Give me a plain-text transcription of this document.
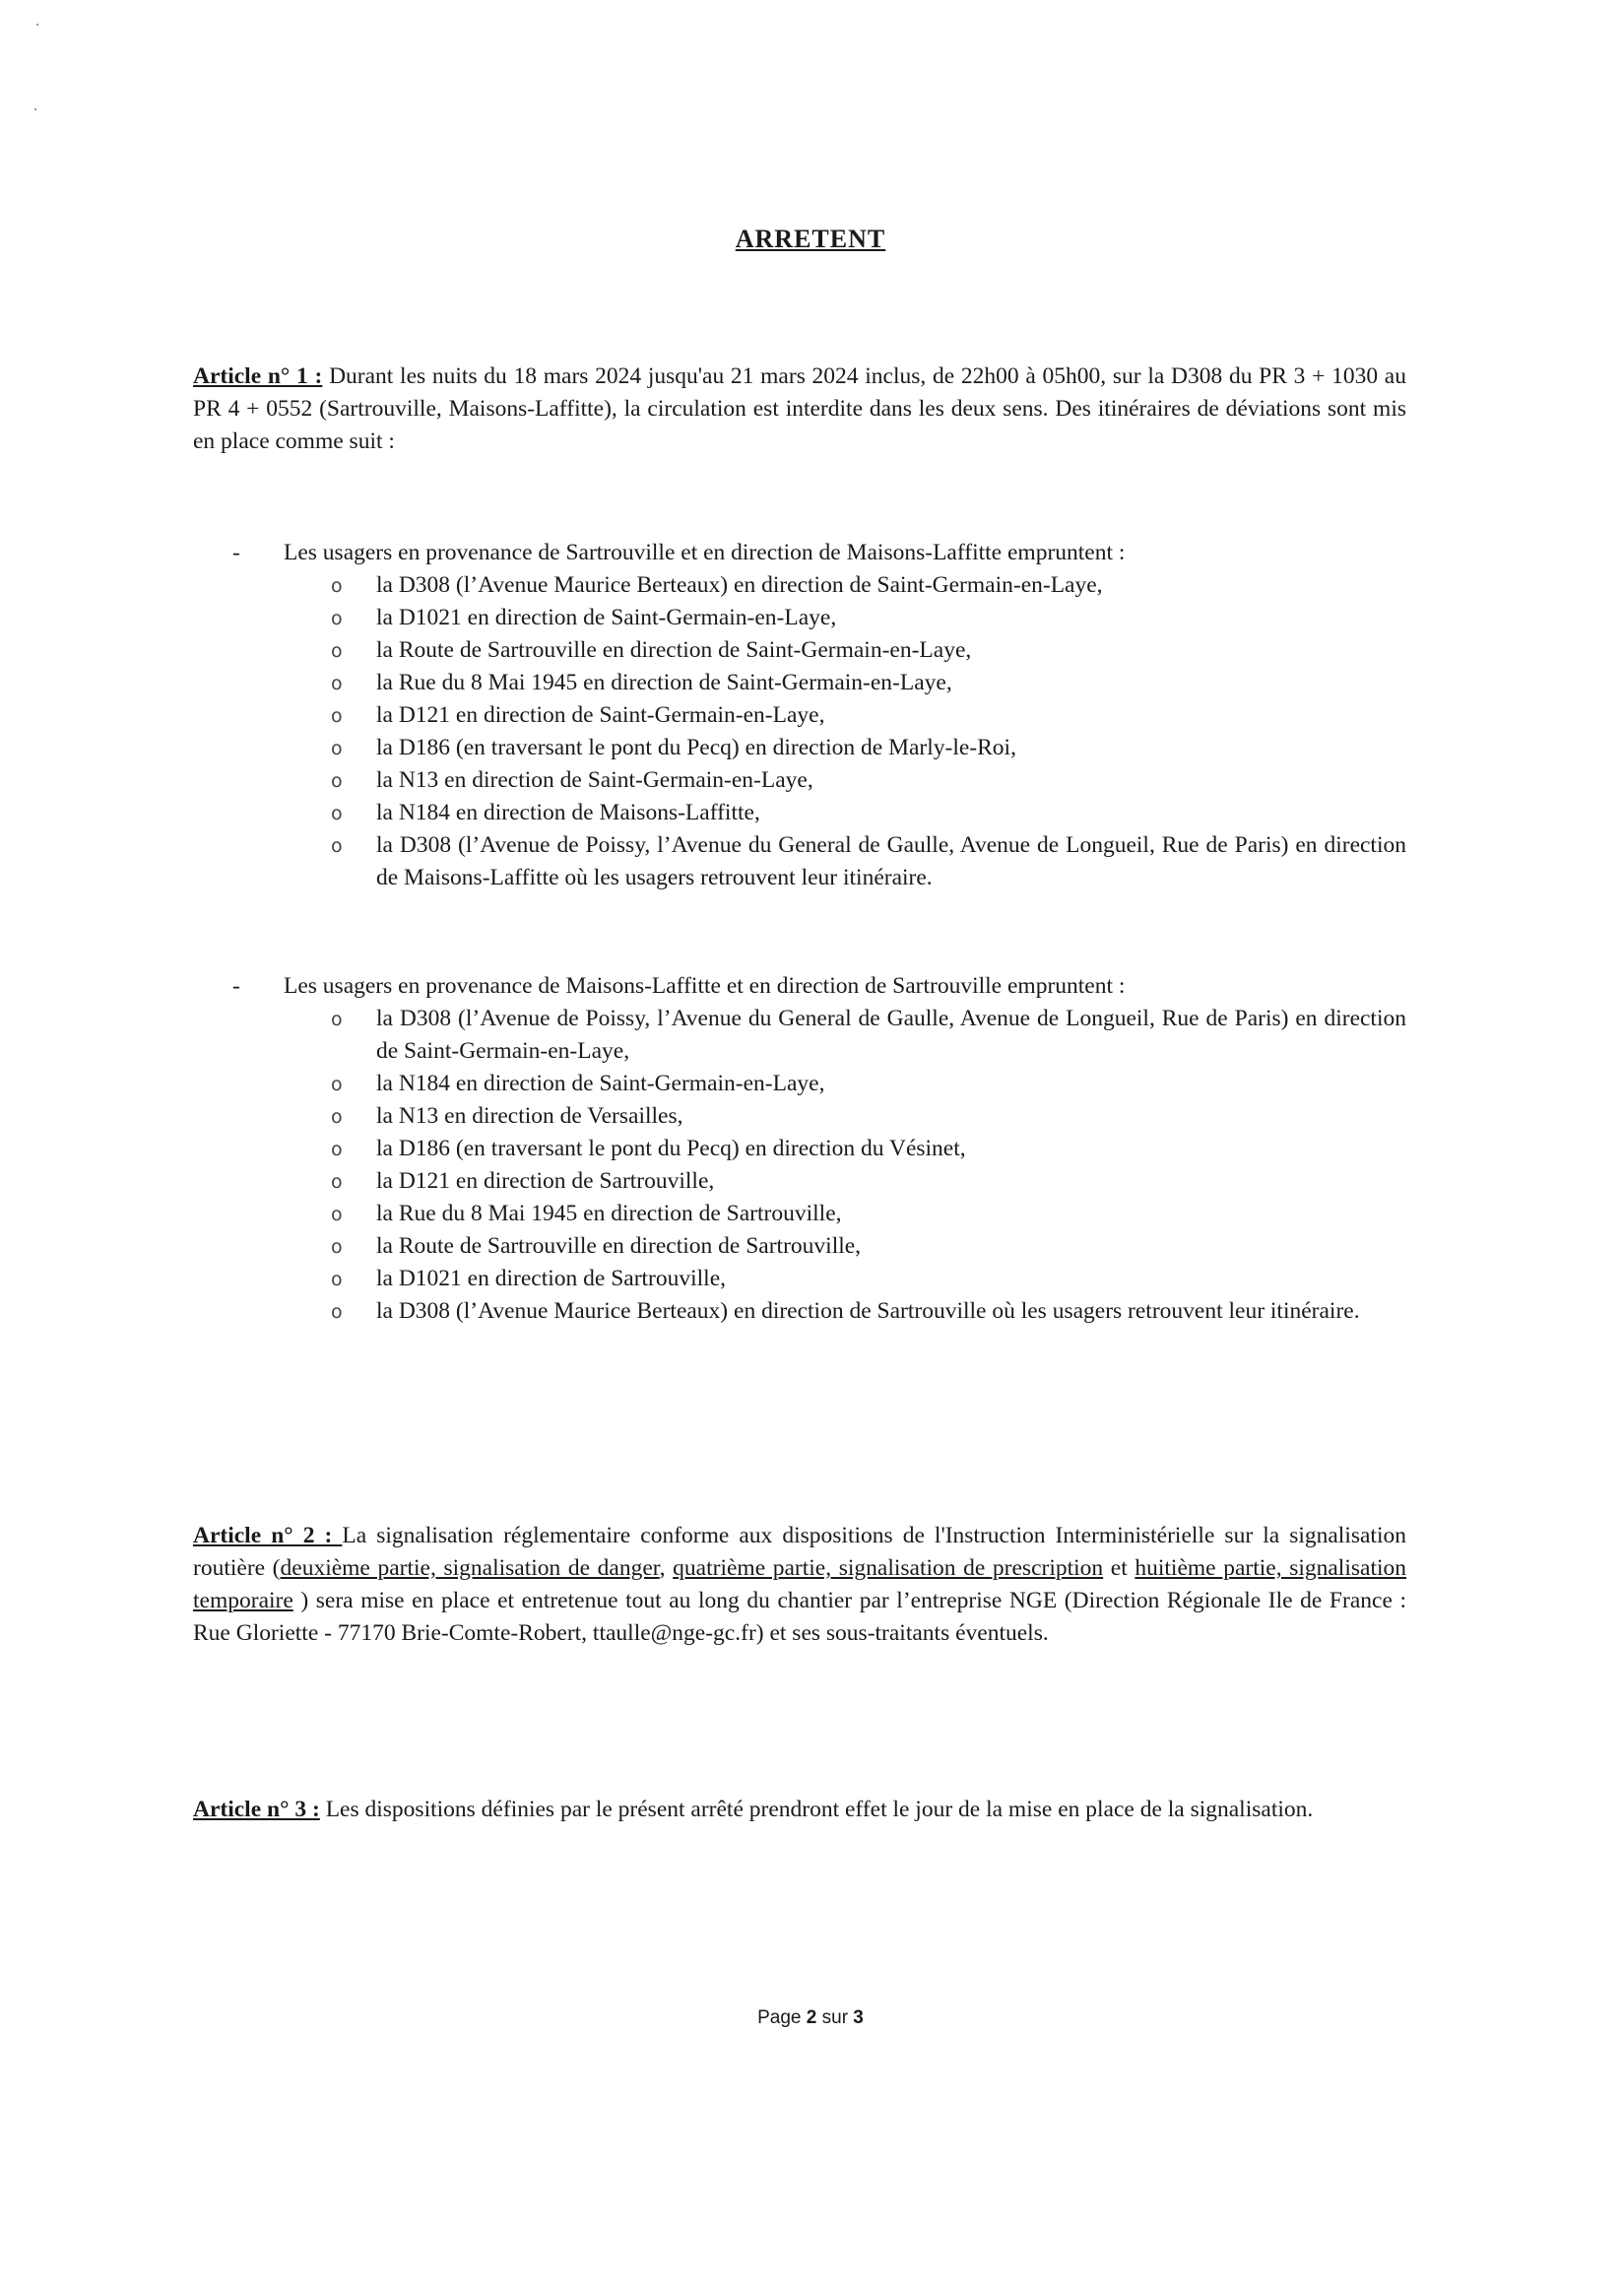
ARRETENT
Article n° 1 : Durant les nuits du 18 mars 2024 jusqu'au 21 mars 2024 inclus, de 22h00 à 05h00, sur la D308 du PR 3 + 1030 au PR 4 + 0552 (Sartrouville, Maisons-Laffitte), la circulation est interdite dans les deux sens. Des itinéraires de déviations sont mis en place comme suit :
- Les usagers en provenance de Sartrouville et en direction de Maisons-Laffitte empruntent :
o la D308 (l’Avenue Maurice Berteaux) en direction de Saint-Germain-en-Laye,
o la D1021 en direction de Saint-Germain-en-Laye,
o la Route de Sartrouville en direction de Saint-Germain-en-Laye,
o la Rue du 8 Mai 1945 en direction de Saint-Germain-en-Laye,
o la D121 en direction de Saint-Germain-en-Laye,
o la D186 (en traversant le pont du Pecq) en direction de Marly-le-Roi,
o la N13 en direction de Saint-Germain-en-Laye,
o la N184 en direction de Maisons-Laffitte,
o la D308 (l’Avenue de Poissy, l’Avenue du General de Gaulle, Avenue de Longueil, Rue de Paris) en direction de Maisons-Laffitte où les usagers retrouvent leur itinéraire.
- Les usagers en provenance de Maisons-Laffitte et en direction de Sartrouville empruntent :
o la D308 (l’Avenue de Poissy, l’Avenue du General de Gaulle, Avenue de Longueil, Rue de Paris) en direction de Saint-Germain-en-Laye,
o la N184 en direction de Saint-Germain-en-Laye,
o la N13 en direction de Versailles,
o la D186 (en traversant le pont du Pecq) en direction du Vésinet,
o la D121 en direction de Sartrouville,
o la Rue du 8 Mai 1945 en direction de Sartrouville,
o la Route de Sartrouville en direction de Sartrouville,
o la D1021 en direction de Sartrouville,
o la D308 (l’Avenue Maurice Berteaux) en direction de Sartrouville où les usagers retrouvent leur itinéraire.
Article n° 2 : La signalisation réglementaire conforme aux dispositions de l'Instruction Interministérielle sur la signalisation routière (deuxième partie, signalisation de danger, quatrième partie, signalisation de prescription et huitième partie, signalisation temporaire ) sera mise en place et entretenue tout au long du chantier par l’entreprise NGE (Direction Régionale Ile de France : Rue Gloriette - 77170 Brie-Comte-Robert, ttaulle@nge-gc.fr) et ses sous-traitants éventuels.
Article n° 3 : Les dispositions définies par le présent arrêté prendront effet le jour de la mise en place de la signalisation.
Page 2 sur 3
